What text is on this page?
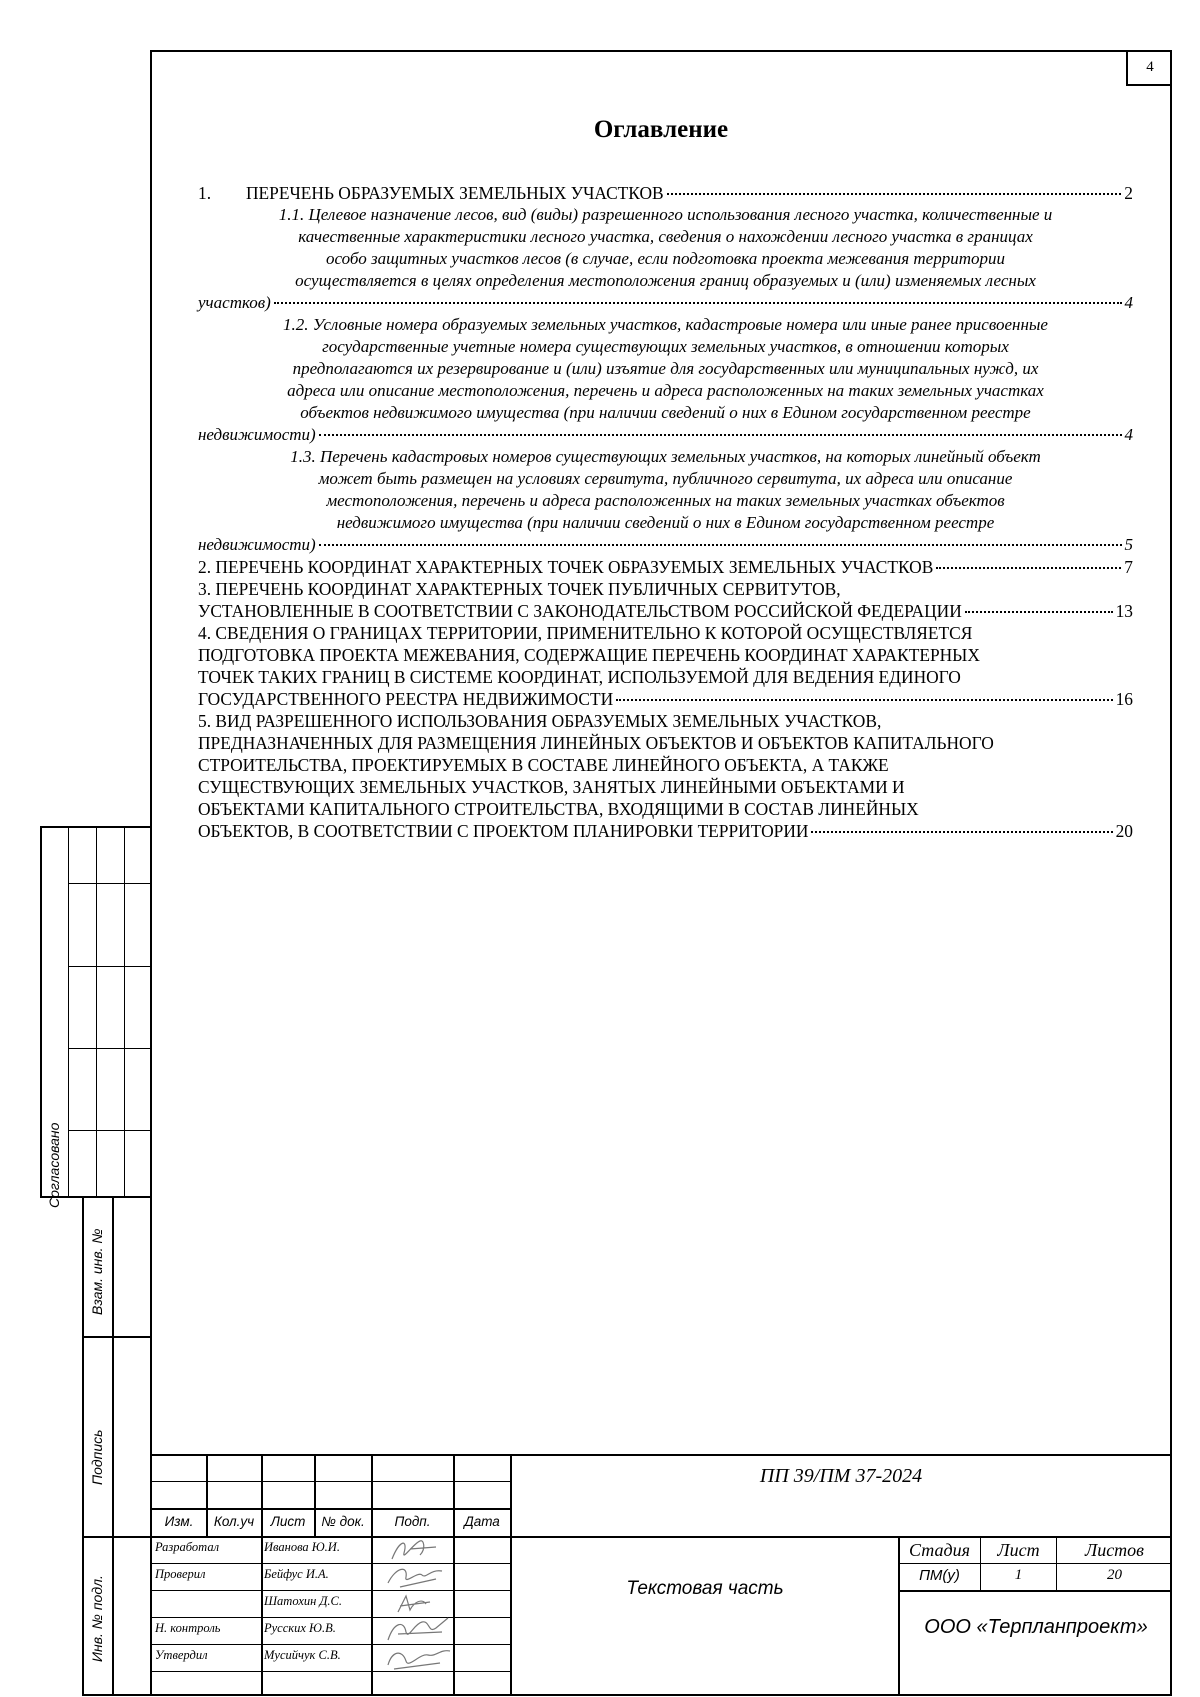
4
Оглавление
1.	ПЕРЕЧЕНЬ ОБРАЗУЕМЫХ ЗЕМЕЛЬНЫХ УЧАСТКОВ	2
1.1. Целевое назначение лесов, вид (виды) разрешенного использования лесного участка, количественные и
качественные характеристики лесного участка, сведения о нахождении лесного участка в границах
особо защитных участков лесов (в случае, если подготовка проекта межевания территории
осуществляется в целях определения местоположения границ образуемых и (или) изменяемых лесных
участков)	4
1.2. Условные номера образуемых земельных участков, кадастровые номера или иные ранее присвоенные
государственные учетные номера существующих земельных участков, в отношении которых
предполагаются их резервирование и (или) изъятие для государственных или муниципальных нужд, их
адреса или описание местоположения, перечень и адреса расположенных на таких земельных участках
объектов недвижимого имущества (при наличии сведений о них в Едином государственном реестре
недвижимости)	4
1.3. Перечень кадастровых номеров существующих земельных участков, на которых линейный объект
может быть размещен на условиях сервитута, публичного сервитута, их адреса или описание
местоположения, перечень и адреса расположенных на таких земельных участках объектов
недвижимого имущества (при наличии сведений о них в Едином государственном реестре
недвижимости)	5
2. ПЕРЕЧЕНЬ КООРДИНАТ ХАРАКТЕРНЫХ ТОЧЕК ОБРАЗУЕМЫХ ЗЕМЕЛЬНЫХ УЧАСТКОВ	7
3. ПЕРЕЧЕНЬ КООРДИНАТ ХАРАКТЕРНЫХ ТОЧЕК ПУБЛИЧНЫХ СЕРВИТУТОВ,
УСТАНОВЛЕННЫЕ В СООТВЕТСТВИИ С ЗАКОНОДАТЕЛЬСТВОМ РОССИЙСКОЙ ФЕДЕРАЦИИ	13
4. СВЕДЕНИЯ О ГРАНИЦАХ ТЕРРИТОРИИ, ПРИМЕНИТЕЛЬНО К КОТОРОЙ ОСУЩЕСТВЛЯЕТСЯ
ПОДГОТОВКА ПРОЕКТА МЕЖЕВАНИЯ, СОДЕРЖАЩИЕ ПЕРЕЧЕНЬ КООРДИНАТ ХАРАКТЕРНЫХ
ТОЧЕК ТАКИХ ГРАНИЦ В СИСТЕМЕ КООРДИНАТ, ИСПОЛЬЗУЕМОЙ ДЛЯ ВЕДЕНИЯ ЕДИНОГО
ГОСУДАРСТВЕННОГО РЕЕСТРА НЕДВИЖИМОСТИ	16
5. ВИД РАЗРЕШЕННОГО ИСПОЛЬЗОВАНИЯ ОБРАЗУЕМЫХ ЗЕМЕЛЬНЫХ УЧАСТКОВ,
ПРЕДНАЗНАЧЕННЫХ ДЛЯ РАЗМЕЩЕНИЯ ЛИНЕЙНЫХ ОБЪЕКТОВ И ОБЪЕКТОВ КАПИТАЛЬНОГО
СТРОИТЕЛЬСТВА, ПРОЕКТИРУЕМЫХ В СОСТАВЕ ЛИНЕЙНОГО ОБЪЕКТА, А ТАКЖЕ
СУЩЕСТВУЮЩИХ ЗЕМЕЛЬНЫХ УЧАСТКОВ, ЗАНЯТЫХ ЛИНЕЙНЫМИ ОБЪЕКТАМИ И
ОБЪЕКТАМИ КАПИТАЛЬНОГО СТРОИТЕЛЬСТВА, ВХОДЯЩИМИ В СОСТАВ ЛИНЕЙНЫХ
ОБЪЕКТОВ, В СООТВЕТСТВИИ С ПРОЕКТОМ ПЛАНИРОВКИ ТЕРРИТОРИИ	20
Согласовано
Взам. инв. №
Подпись
Инв. № подл.
Изм.	Кол.уч	Лист	№ док.	Подп.	Дата
Разработал	Иванова Ю.И.
Проверил	Бейфус И.А.
Шатохин Д.С.
Н. контроль	Русских Ю.В.
Утвердил	Мусийчук С.В.
ПП 39/ПМ 37-2024
Текстовая часть
Стадия	Лист	Листов
ПМ(у)	1	20
ООО «Терпланпроект»
